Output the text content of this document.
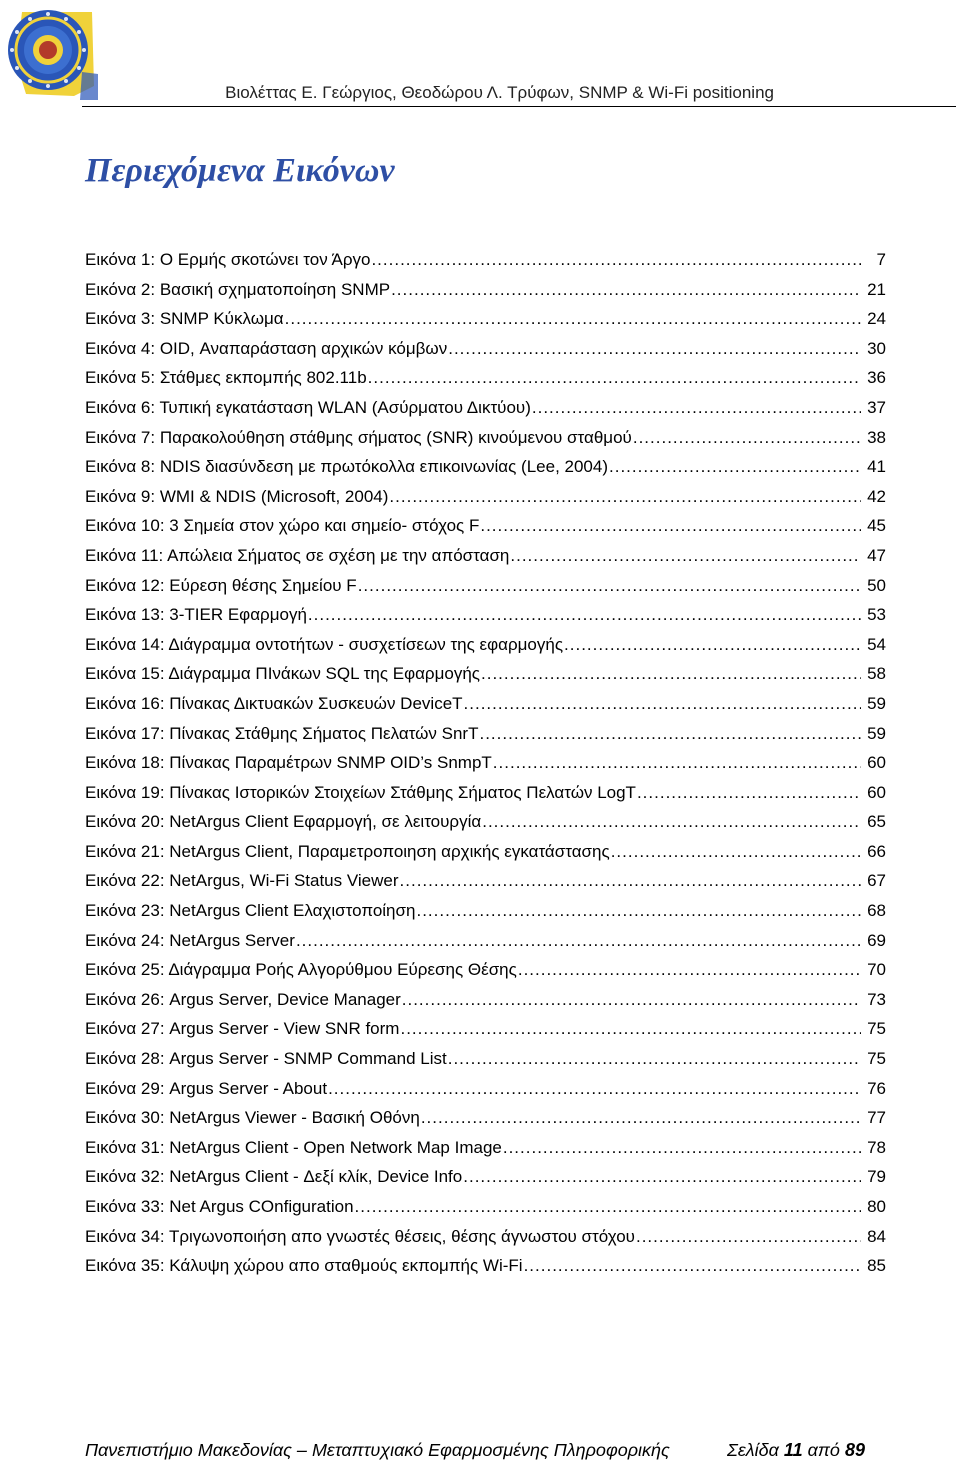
Βιολέττας Ε. Γεώργιος, Θεοδώρου Λ. Τρύφων, SNMP & Wi-Fi positioning
Περιεχόμενα Εικόνων
Εικόνα 1: Ο Ερμής σκοτώνει τον Άργο .....	7
Εικόνα 2: Βασική σχηματοποίηση SNMP .....	21
Εικόνα 3: SNMP Κύκλωμα .....	24
Εικόνα 4: OID, Αναπαράσταση αρχικών κόμβων .....	30
Εικόνα 5: Στάθμες εκπομπής 802.11b .....	36
Εικόνα 6: Τυπική εγκατάσταση WLAN (Ασύρματου Δικτύου) .....	37
Εικόνα 7: Παρακολούθηση στάθμης σήματος (SNR) κινούμενου σταθμού .....	38
Εικόνα 8: NDIS διασύνδεση με πρωτόκολλα επικοινωνίας (Lee, 2004) .....	41
Εικόνα 9: WMI & NDIS (Microsoft, 2004) .....	42
Εικόνα 10: 3 Σημεία στον χώρο και σημείο- στόχος F .....	45
Εικόνα 11: Απώλεια Σήματος σε σχέση με την απόσταση .....	47
Εικόνα 12: Εύρεση θέσης Σημείου F .....	50
Εικόνα 13: 3-TIER Εφαρμογή .....	53
Εικόνα 14: Διάγραμμα οντοτήτων - συσχετίσεων της εφαρμογής .....	54
Εικόνα 15: Διάγραμμα ΠΙνάκων SQL της Εφαρμογής .....	58
Εικόνα 16: Πίνακας Δικτυακών Συσκευών DeviceT .....	59
Εικόνα 17: Πίνακας Στάθμης Σήματος Πελατών SnrT .....	59
Εικόνα 18: Πίνακας Παραμέτρων SNMP OID’s SnmpT .....	60
Εικόνα 19: Πίνακας Ιστορικών Στοιχείων Στάθμης Σήματος Πελατών LogT .....	60
Εικόνα 20: NetArgus Client Εφαρμογή, σε λειτουργία .....	65
Εικόνα 21: NetArgus Client, Παραμετροποιηση αρχικής εγκατάστασης .....	66
Εικόνα 22: NetArgus, Wi-Fi Status Viewer .....	67
Εικόνα 23: NetArgus Client Ελαχιστοποίηση .....	68
Εικόνα 24: NetArgus Server .....	69
Εικόνα 25: Διάγραμμα Ροής Αλγορύθμου Εύρεσης Θέσης .....	70
Εικόνα 26: Argus Server, Device Manager .....	73
Εικόνα 27: Argus Server - View SNR form .....	75
Εικόνα 28: Argus Server - SNMP Command List .....	75
Εικόνα 29: Argus Server - About .....	76
Εικόνα 30: NetArgus Viewer - Βασική Οθόνη .....	77
Εικόνα 31: NetArgus Client - Open Network Map Image .....	78
Εικόνα 32: NetArgus Client - Δεξί κλίκ, Device Info .....	79
Εικόνα 33: Net Argus COnfiguration .....	80
Εικόνα 34: Τριγωνοποιήση απο γνωστές θέσεις, θέσης άγνωστου στόχου .....	84
Εικόνα 35: Κάλυψη χώρου απο σταθμούς εκπομπής Wi-Fi .....	85
Πανεπιστήμιο Μακεδονίας – Μεταπτυχιακό Εφαρμοσμένης Πληροφορικής	Σελίδα 11 από 89
